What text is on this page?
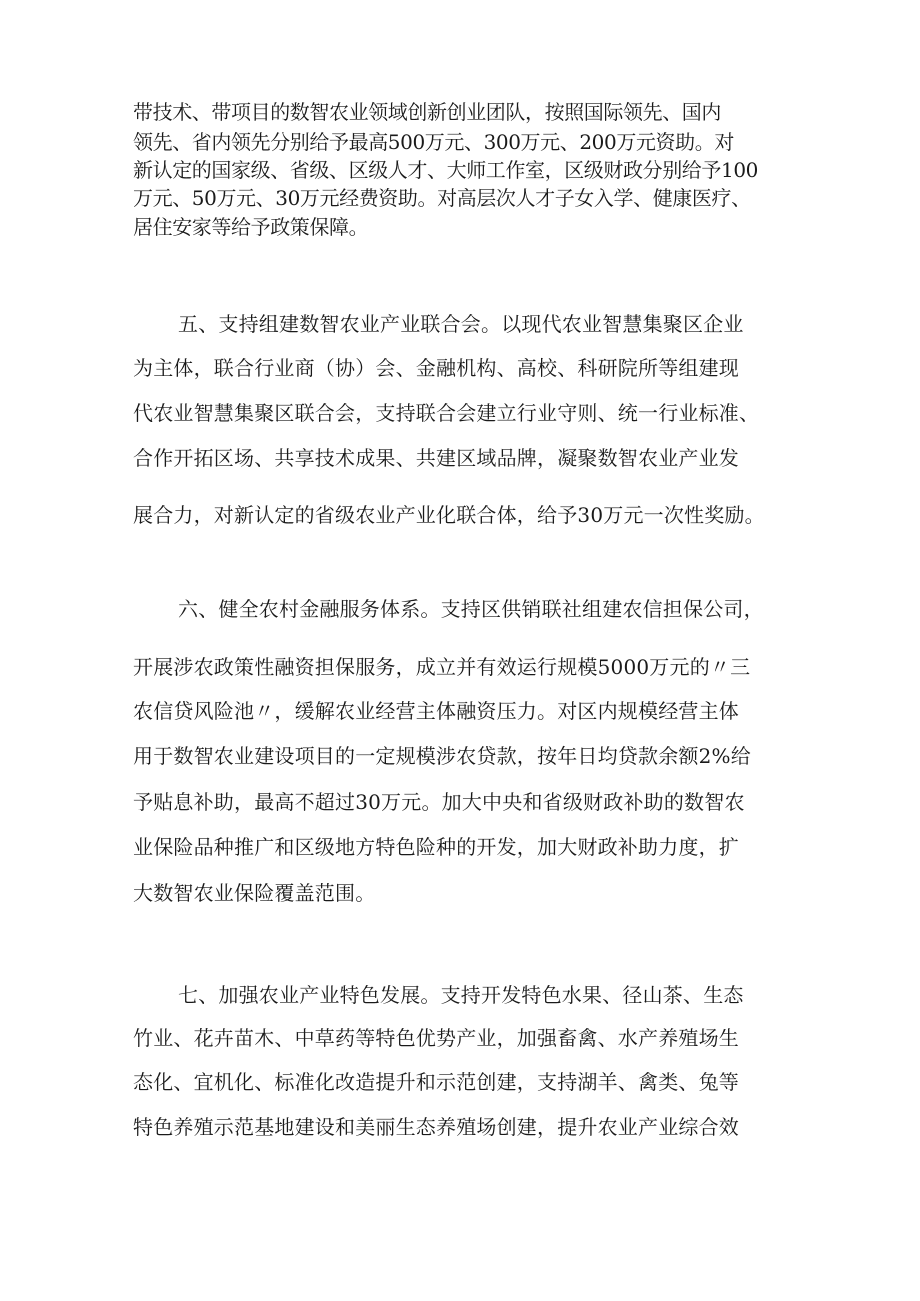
带技术、带项目的数智农业领域创新创业团队，按照国际领先、国内
领先、省内领先分别给予最高500万元、300万元、200万元资助。对
新认定的国家级、省级、区级人才、大师工作室，区级财政分别给予100
万元、50万元、30万元经费资助。对高层次人才子女入学、健康医疗、
居住安家等给予政策保障。
五、支持组建数智农业产业联合会。以现代农业智慧集聚区企业
为主体，联合行业商（协）会、金融机构、高校、科研院所等组建现
代农业智慧集聚区联合会，支持联合会建立行业守则、统一行业标准、
合作开拓区场、共享技术成果、共建区域品牌，凝聚数智农业产业发
展合力，对新认定的省级农业产业化联合体，给予30万元一次性奖励。
六、健全农村金融服务体系。支持区供销联社组建农信担保公司，
开展涉农政策性融资担保服务，成立并有效运行规模5000万元的〃三
农信贷风险池〃，缓解农业经营主体融资压力。对区内规模经营主体
用于数智农业建设项目的一定规模涉农贷款，按年日均贷款余额2%给
予贴息补助，最高不超过30万元。加大中央和省级财政补助的数智农
业保险品种推广和区级地方特色险种的开发，加大财政补助力度，扩
大数智农业保险覆盖范围。
七、加强农业产业特色发展。支持开发特色水果、径山茶、生态
竹业、花卉苗木、中草药等特色优势产业，加强畜禽、水产养殖场生
态化、宜机化、标准化改造提升和示范创建，支持湖羊、禽类、兔等
特色养殖示范基地建设和美丽生态养殖场创建，提升农业产业综合效
